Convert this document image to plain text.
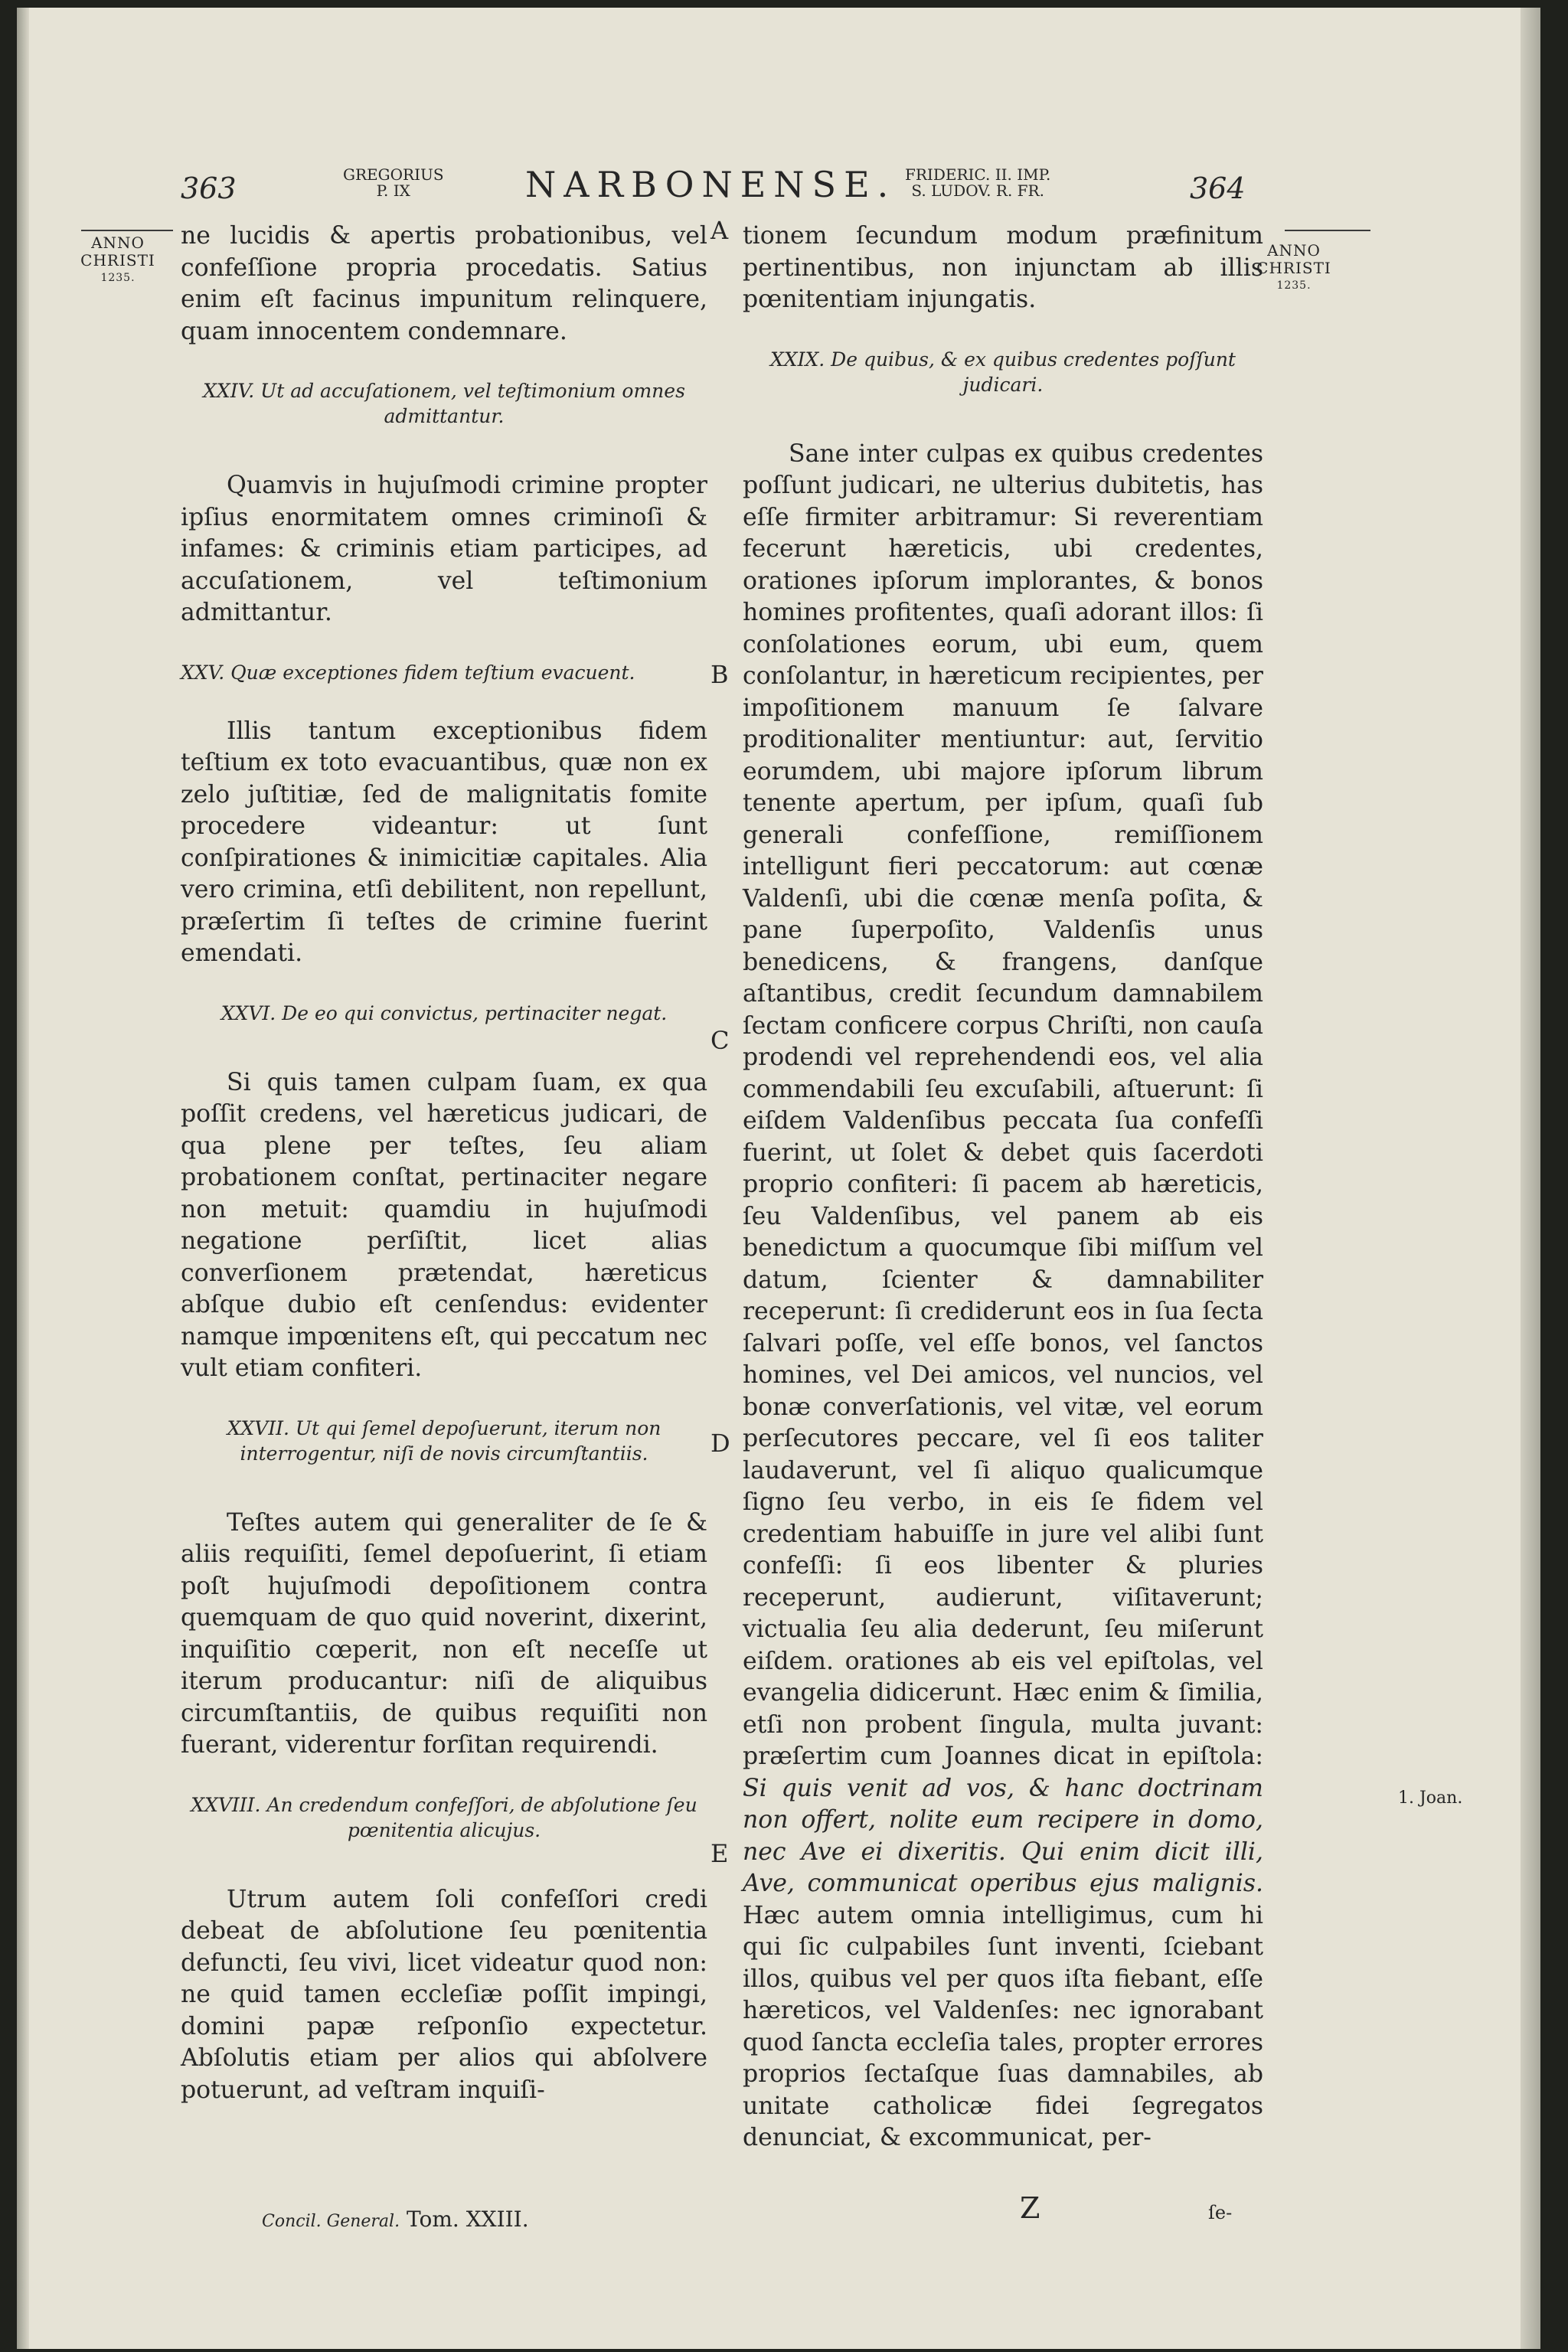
363	GREGORIUS
P. IX	NARBONENSE. FRIDERIC. II. IMP.
S. LUDOV. R. FR.	364
ANNO
CHRISTI
1235.
ANNO
CHRISTI
1235.
1. Joan.
A
B
C
D
E

ne lucidis & apertis probationibus, vel confeſſione propria procedatis. Satius enim eſt facinus impunitum relinquere, quam innocentem condemnare.

XXIV. Ut ad accuſationem, vel teſtimonium omnes admittantur.

Quamvis in hujuſmodi crimine propter ipſius enormitatem omnes criminoſi & infames: & criminis etiam participes, ad accuſationem, vel teſtimonium admittantur.

XXV. Quæ exceptiones fidem teſtium evacuent.

Illis tantum exceptionibus fidem teſtium ex toto evacuantibus, quæ non ex zelo juſtitiæ, ſed de malignitatis fomite procedere videantur: ut ſunt conſpirationes & inimicitiæ capitales. Alia vero crimina, etſi debilitent, non repellunt, præſertim ſi teſtes de crimine fuerint emendati.

XXVI. De eo qui convictus, pertinaciter negat.

Si quis tamen culpam ſuam, ex qua poſſit credens, vel hæreticus judicari, de qua plene per teſtes, ſeu aliam probationem conſtat, pertinaciter negare non metuit: quamdiu in hujuſmodi negatione perſiſtit, licet alias converſionem prætendat, hæreticus abſque dubio eſt cenſendus: evidenter namque impœnitens eſt, qui peccatum nec vult etiam confiteri.

XXVII. Ut qui ſemel depoſuerunt, iterum non interrogentur, niſi de novis circumſtantiis.

Teſtes autem qui generaliter de ſe & aliis requiſiti, ſemel depoſuerint, ſi etiam poſt hujuſmodi depoſitionem contra quemquam de quo quid noverint, dixerint, inquiſitio cœperit, non eſt neceſſe ut iterum producantur: niſi de aliquibus circumſtantiis, de quibus requiſiti non fuerant, viderentur forſitan requirendi.

XXVIII. An credendum confeſſori, de abſolutione ſeu pœnitentia alicujus.

Utrum autem ſoli confeſſori credi debeat de abſolutione ſeu pœnitentia defuncti, ſeu vivi, licet videatur quod non: ne quid tamen eccleſiæ poſſit impingi, domini papæ reſponſio expectetur. Abſolutis etiam per alios qui abſolvere potuerunt, ad veſtram inquiſi-

tionem ſecundum modum præfinitum pertinentibus, non injunctam ab illis pœnitentiam injungatis.

XXIX. De quibus, & ex quibus credentes poſſunt judicari.

Sane inter culpas ex quibus credentes poſſunt judicari, ne ulterius dubitetis, has eſſe firmiter arbitramur: Si reverentiam fecerunt hæreticis, ubi credentes, orationes ipſorum implorantes, & bonos homines profitentes, quaſi adorant illos: ſi conſolationes eorum, ubi eum, quem conſolantur, in hæreticum recipientes, per impoſitionem manuum ſe ſalvare proditionaliter mentiuntur: aut, ſervitio eorumdem, ubi majore ipſorum librum tenente apertum, per ipſum, quaſi ſub generali confeſſione, remiſſionem intelligunt fieri peccatorum: aut cœnæ Valdenſi, ubi die cœnæ menſa poſita, & pane ſuperpoſito, Valdenſis unus benedicens, & frangens, danſque aſtantibus, credit ſecundum damnabilem ſectam conficere corpus Chriſti, non cauſa prodendi vel reprehendendi eos, vel alia commendabili ſeu excuſabili, aſtuerunt: ſi eiſdem Valdenſibus peccata ſua confeſſi fuerint, ut ſolet & debet quis ſacerdoti proprio confiteri: ſi pacem ab hæreticis, ſeu Valdenſibus, vel panem ab eis benedictum a quocumque ſibi miſſum vel datum, ſcienter & damnabiliter receperunt: ſi crediderunt eos in ſua ſecta ſalvari poſſe, vel eſſe bonos, vel ſanctos homines, vel Dei amicos, vel nuncios, vel bonæ converſationis, vel vitæ, vel eorum perſecutores peccare, vel ſi eos taliter laudaverunt, vel ſi aliquo qualicumque ſigno ſeu verbo, in eis ſe fidem vel credentiam habuiſſe in jure vel alibi ſunt confeſſi: ſi eos libenter & pluries receperunt, audierunt, viſitaverunt; victualia ſeu alia dederunt, ſeu miſerunt eiſdem. orationes ab eis vel epiſtolas, vel evangelia didicerunt. Hæc enim & ſimilia, etſi non probent ſingula, multa juvant: præſertim cum Joannes dicat in epiſtola: Si quis venit ad vos, & hanc doctrinam non offert, nolite eum recipere in domo, nec Ave ei dixeritis. Qui enim dicit illi, Ave, communicat operibus ejus malignis. Hæc autem omnia intelligimus, cum hi qui ſic culpabiles ſunt inventi, ſciebant illos, quibus vel per quos iſta fiebant, eſſe hæreticos, vel Valdenſes: nec ignorabant quod ſancta eccleſia tales, propter errores proprios ſectaſque ſuas damnabiles, ab unitate catholicæ fidei ſegregatos denunciat, & excommunicat, per-

Concil. General. Tom. XXIII.	Z	ſe-
